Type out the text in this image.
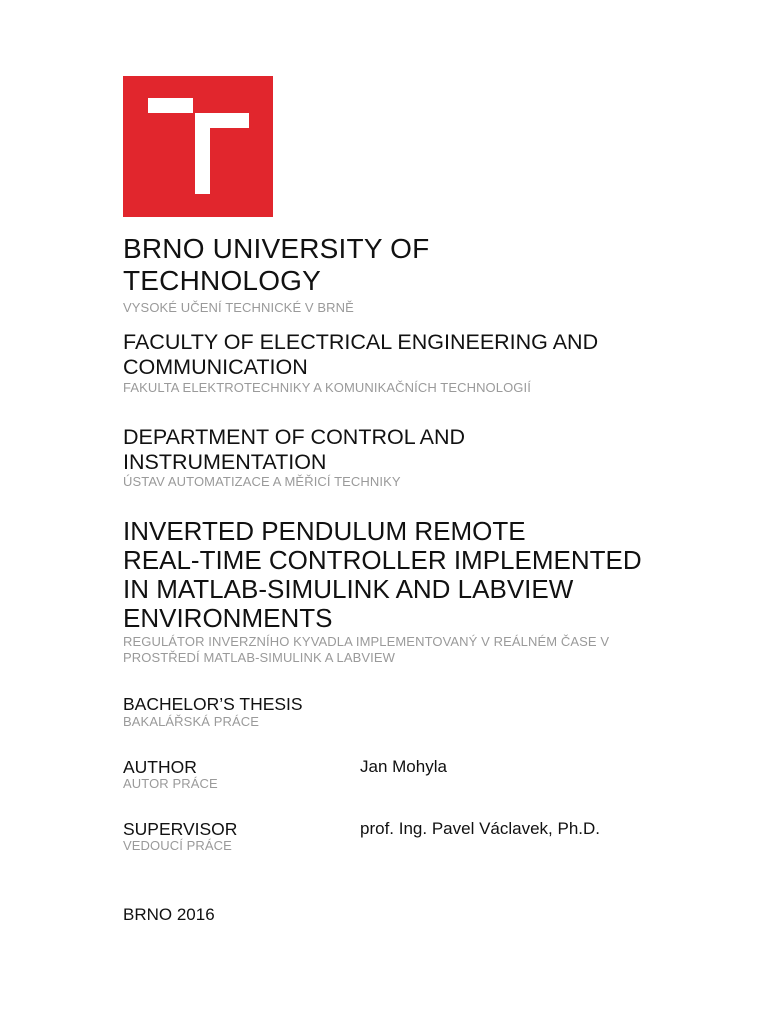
BRNO UNIVERSITY OF
TECHNOLOGY
VYSOKÉ UČENÍ TECHNICKÉ V BRNĚ
FACULTY OF ELECTRICAL ENGINEERING AND
COMMUNICATION
FAKULTA ELEKTROTECHNIKY A KOMUNIKAČNÍCH TECHNOLOGIÍ
DEPARTMENT OF CONTROL AND
INSTRUMENTATION
ÚSTAV AUTOMATIZACE A MĚŘICÍ TECHNIKY
INVERTED PENDULUM REMOTE
REAL-TIME CONTROLLER IMPLEMENTED
IN MATLAB-SIMULINK AND LABVIEW
ENVIRONMENTS
REGULÁTOR INVERZNÍHO KYVADLA IMPLEMENTOVANÝ V REÁLNÉM ČASE V
PROSTŘEDÍ MATLAB-SIMULINK A LABVIEW
BACHELOR’S THESIS
BAKALÁŘSKÁ PRÁCE
AUTHOR
AUTOR PRÁCE
Jan Mohyla
SUPERVISOR
VEDOUCÍ PRÁCE
prof. Ing. Pavel Václavek, Ph.D.
BRNO 2016
